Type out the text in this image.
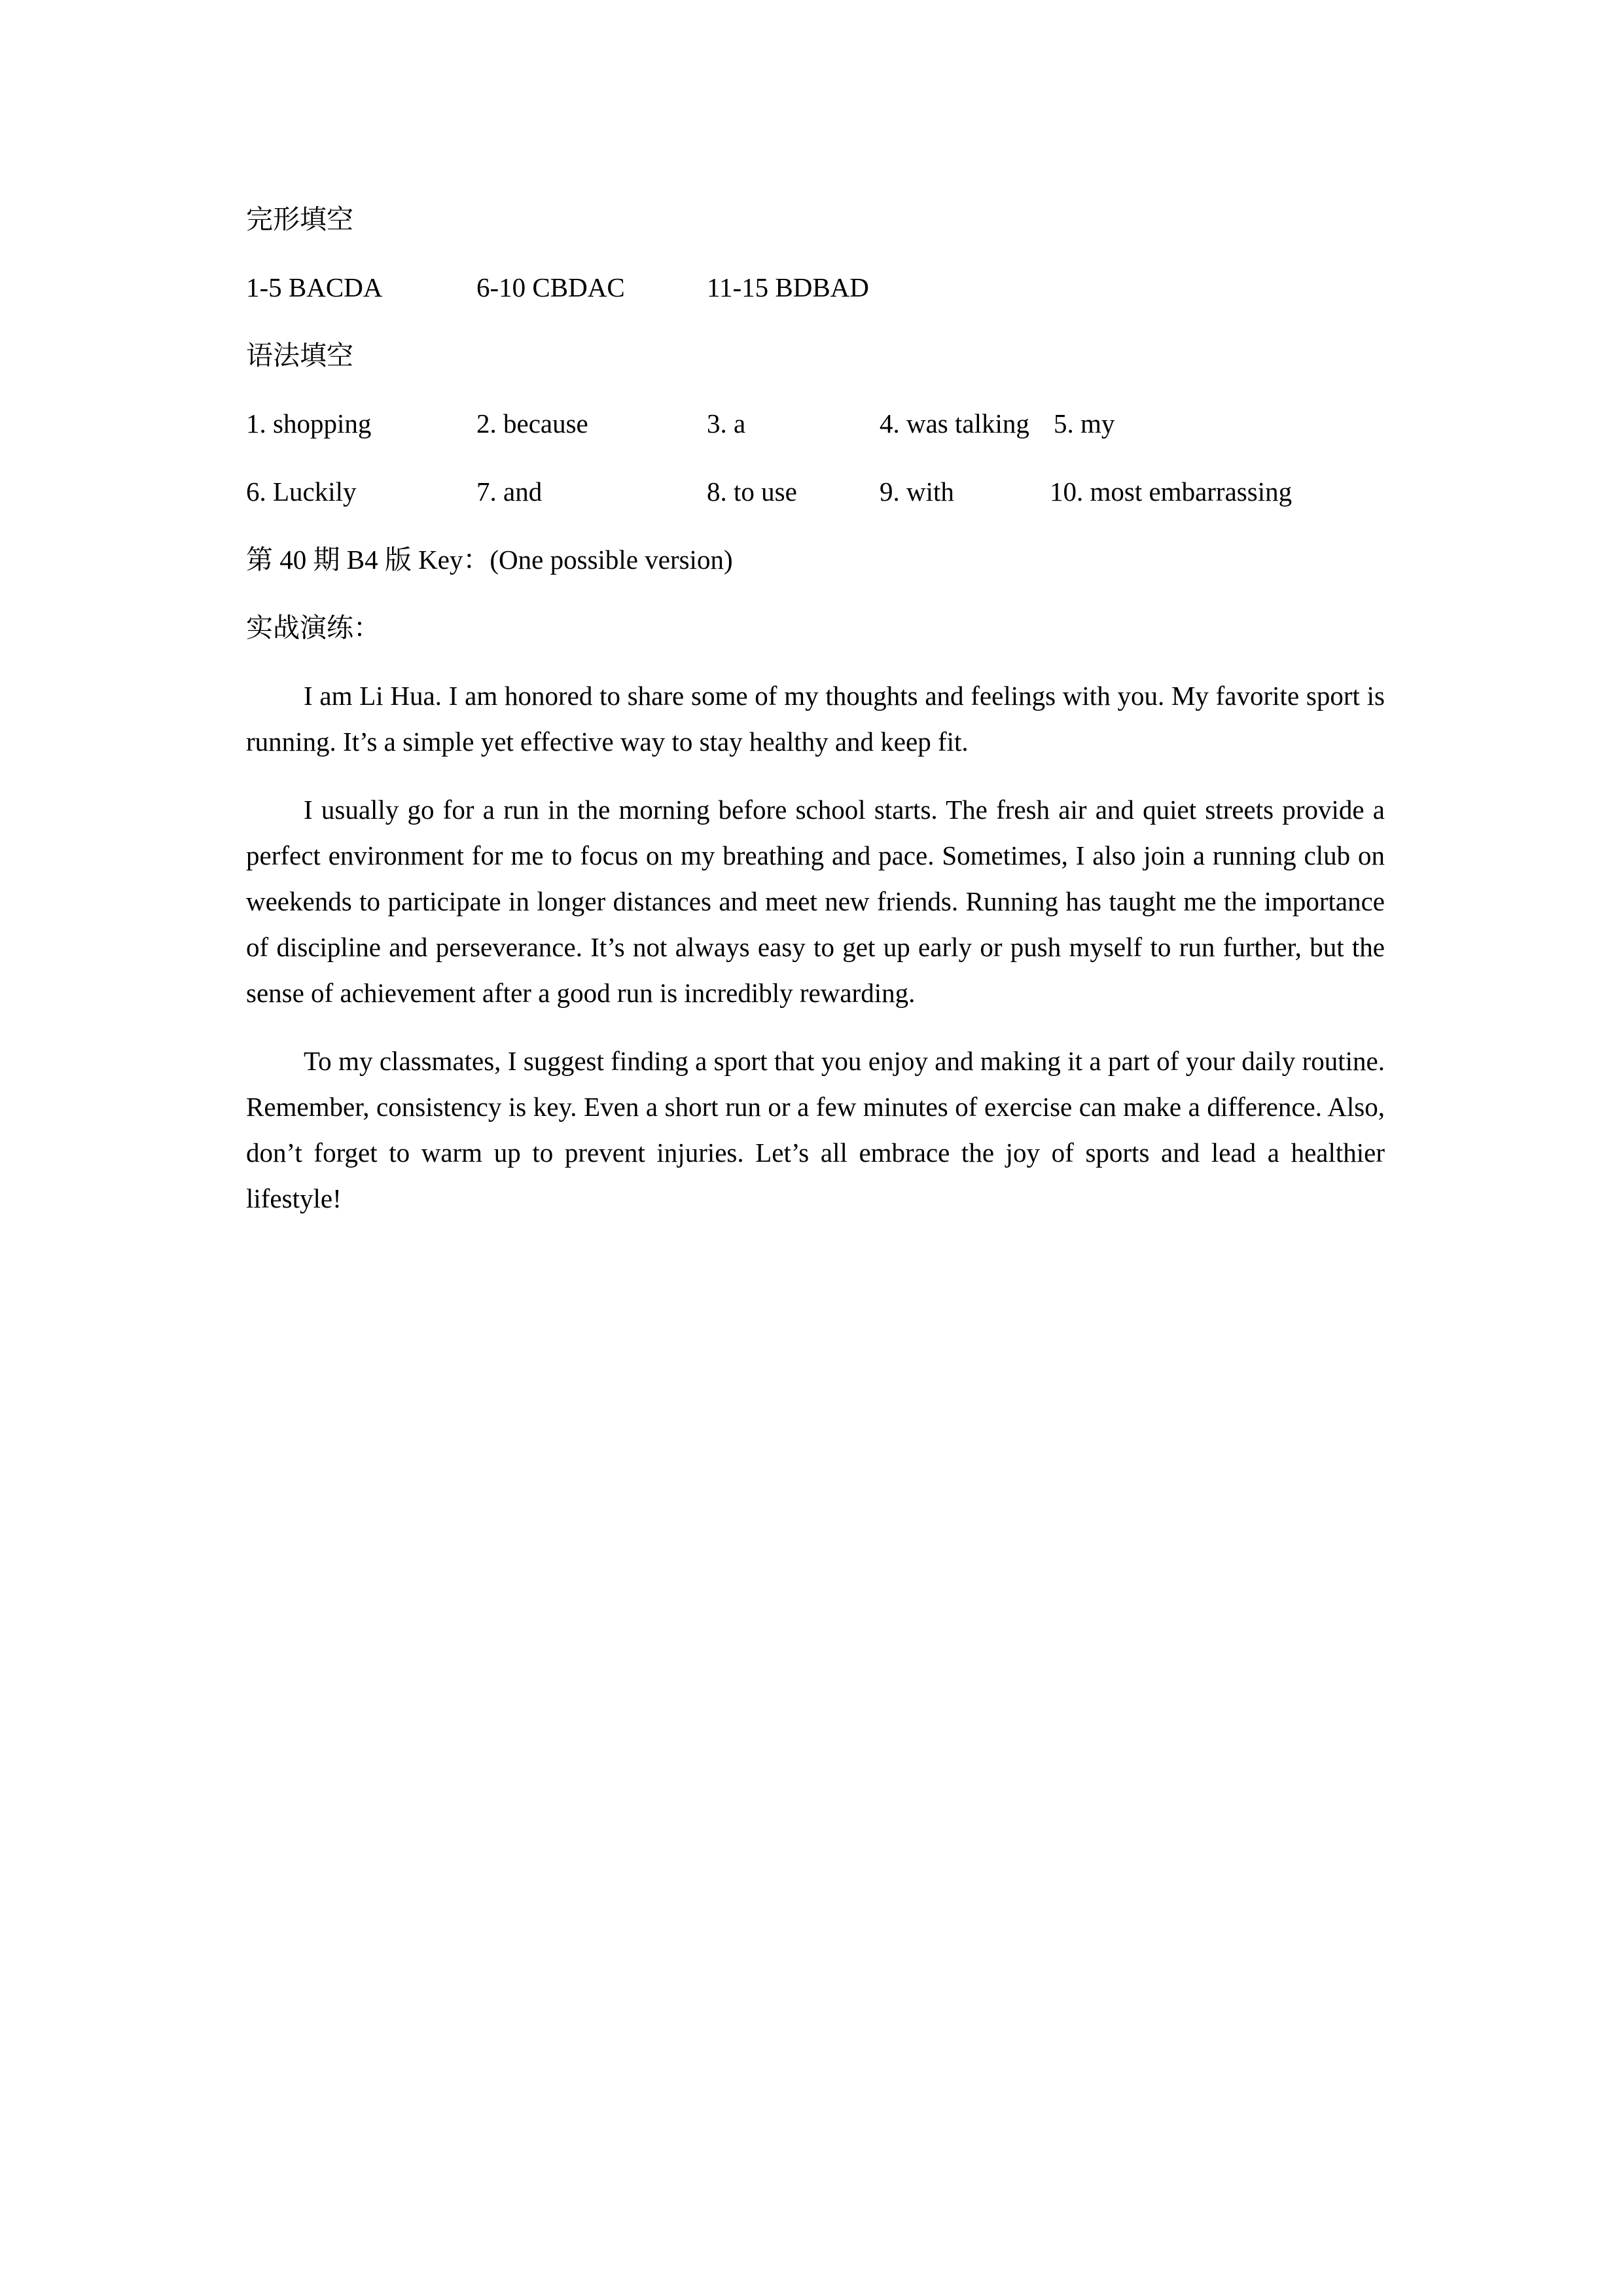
完形填空
1-5 BACDA	6-10 CBDAC	11-15 BDBAD
语法填空
1. shopping	2. because	3. a	4. was talking 5. my
6. Luckily	7. and	8. to use	9. with	10. most embarrassing
第 40 期 B4 版 Key：(One possible version)
实战演练：

I am Li Hua. I am honored to share some of my thoughts and feelings with you. My favorite sport is running. It’s a simple yet effective way to stay healthy and keep fit.

I usually go for a run in the morning before school starts. The fresh air and quiet streets provide a perfect environment for me to focus on my breathing and pace. Sometimes, I also join a running club on weekends to participate in longer distances and meet new friends. Running has taught me the importance of discipline and perseverance. It’s not always easy to get up early or push myself to run further, but the sense of achievement after a good run is incredibly rewarding.

To my classmates, I suggest finding a sport that you enjoy and making it a part of your daily routine. Remember, consistency is key. Even a short run or a few minutes of exercise can make a difference. Also, don’t forget to warm up to prevent injuries. Let’s all embrace the joy of sports and lead a healthier lifestyle!
